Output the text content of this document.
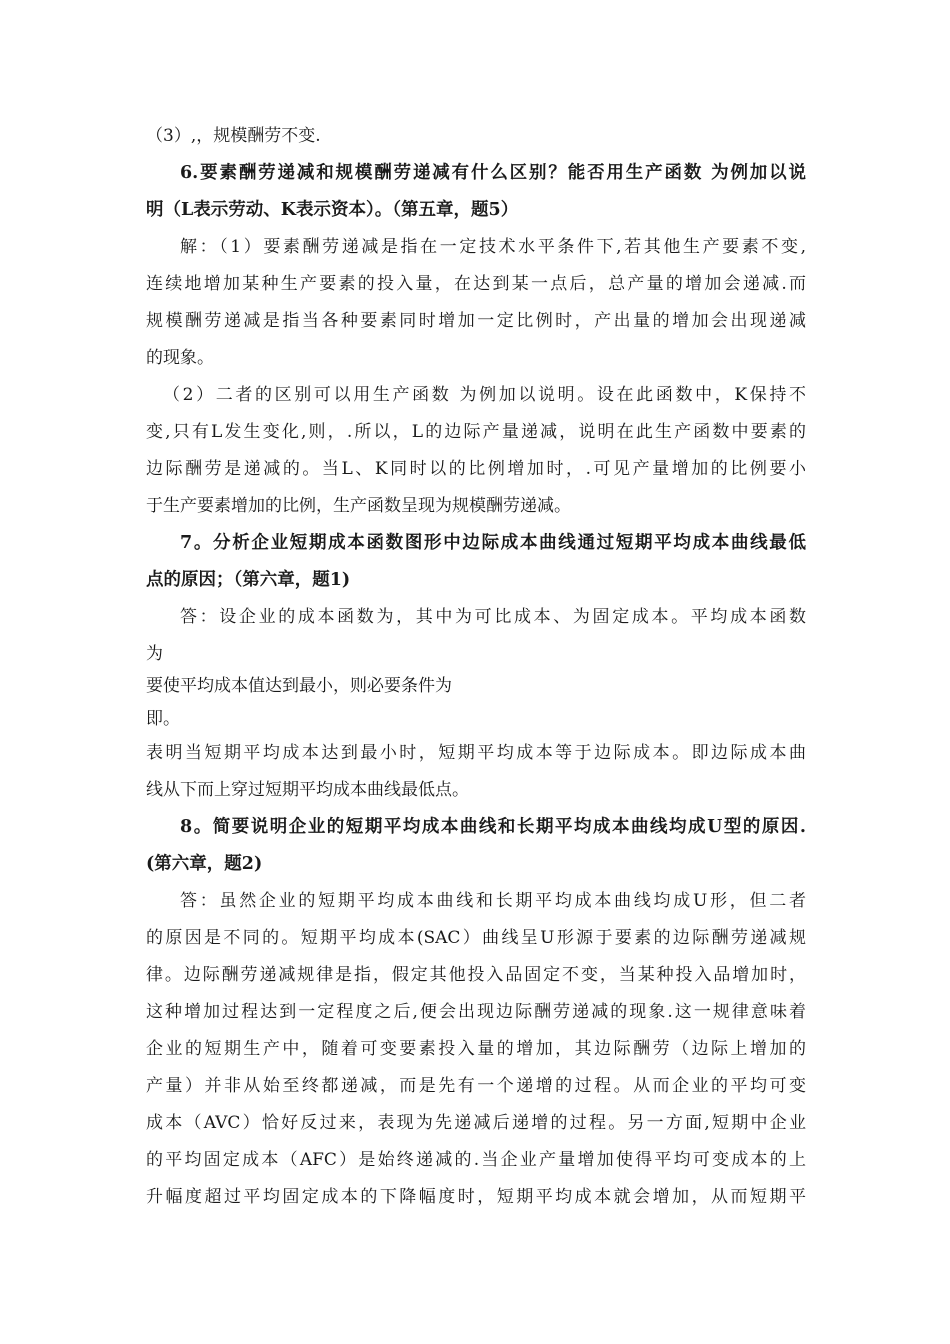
（3）,，规模酬劳不变.
6.要素酬劳递减和规模酬劳递减有什么区别？能否用生产函数 为例加以说
明（L表示劳动、K表示资本）。（第五章，题5）
解：（1）要素酬劳递减是指在一定技术水平条件下,若其他生产要素不变,
连续地增加某种生产要素的投入量，在达到某一点后，总产量的增加会递减.而
规模酬劳递减是指当各种要素同时增加一定比例时，产出量的增加会出现递减
的现象。
（2）二者的区别可以用生产函数 为例加以说明。设在此函数中，K保持不
变,只有L发生变化,则，.所以，L的边际产量递减，说明在此生产函数中要素的
边际酬劳是递减的。当L、K同时以的比例增加时，.可见产量增加的比例要小
于生产要素增加的比例，生产函数呈现为规模酬劳递减。
7。分析企业短期成本函数图形中边际成本曲线通过短期平均成本曲线最低
点的原因；（第六章，题1)
答：设企业的成本函数为，其中为可比成本、为固定成本。平均成本函数
为
要使平均成本值达到最小，则必要条件为
即。
表明当短期平均成本达到最小时，短期平均成本等于边际成本。即边际成本曲
线从下而上穿过短期平均成本曲线最低点。
8。简要说明企业的短期平均成本曲线和长期平均成本曲线均成U型的原因.
(第六章，题2)
答：虽然企业的短期平均成本曲线和长期平均成本曲线均成U形，但二者
的原因是不同的。短期平均成本(SAC）曲线呈U形源于要素的边际酬劳递减规
律。边际酬劳递减规律是指，假定其他投入品固定不变，当某种投入品增加时，
这种增加过程达到一定程度之后,便会出现边际酬劳递减的现象.这一规律意味着
企业的短期生产中，随着可变要素投入量的增加，其边际酬劳（边际上增加的
产量）并非从始至终都递减，而是先有一个递增的过程。从而企业的平均可变
成本（AVC）恰好反过来，表现为先递减后递增的过程。另一方面,短期中企业
的平均固定成本（AFC）是始终递减的.当企业产量增加使得平均可变成本的上
升幅度超过平均固定成本的下降幅度时，短期平均成本就会增加，从而短期平
